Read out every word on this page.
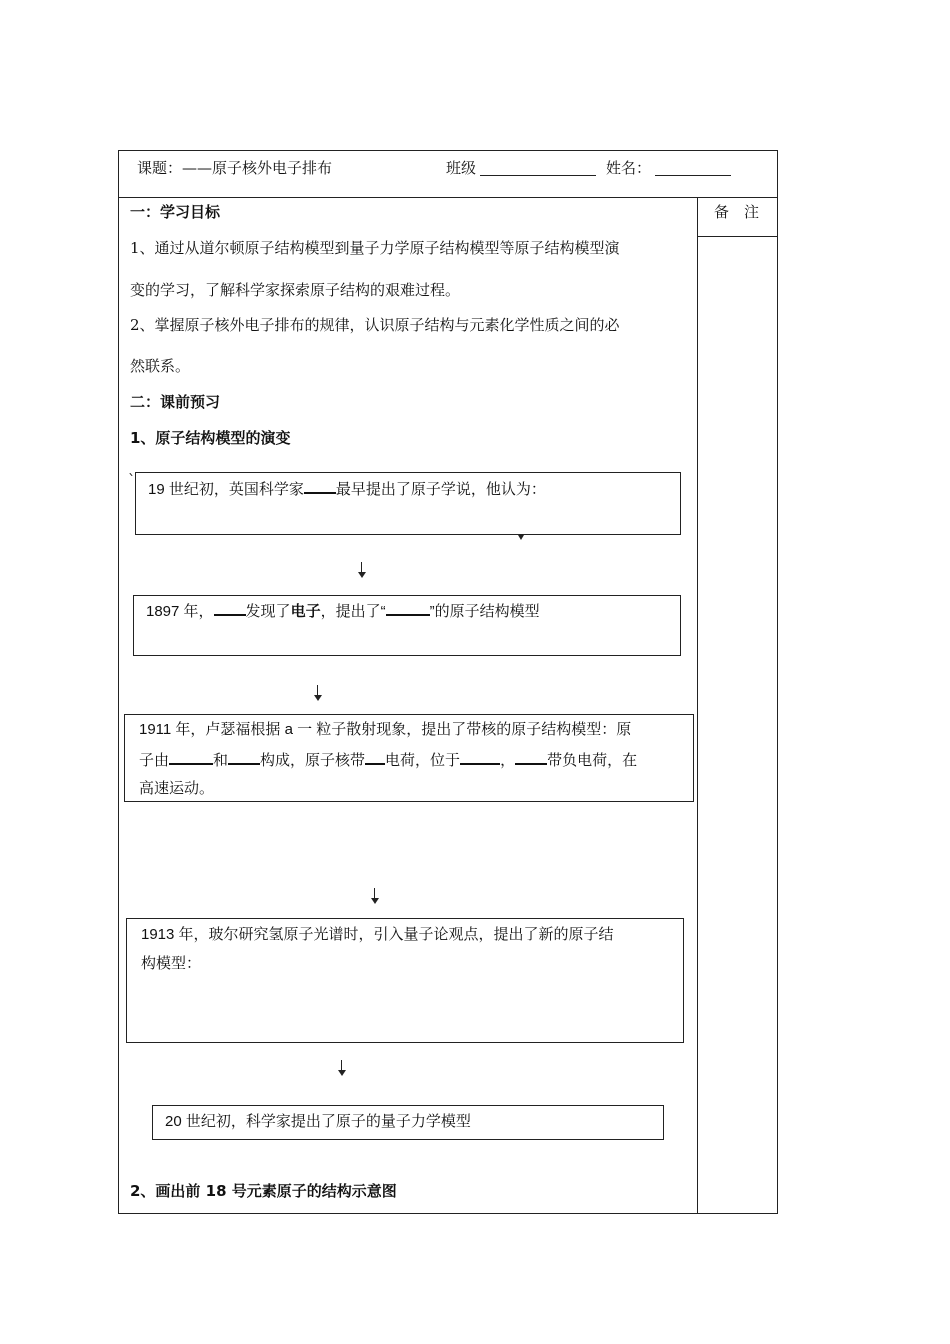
课题： ——原子核外电子排布	班级	姓名：
备　注
一：学习目标
1、通过从道尔顿原子结构模型到量子力学原子结构模型等原子结构模型演
变的学习，了解科学家探索原子结构的艰难过程。
2、掌握原子核外电子排布的规律，认识原子结构与元素化学性质之间的必
然联系。
二：课前预习
1、原子结构模型的演变
`
19 世纪初，英国科学家 最早提出了原子学说，他认为：
1897 年， 发现了电子，提出了“	”的原子结构模型
1911 年，卢瑟福根据 a 一 粒子散射现象，提出了带核的原子结构模型：原
子由	和 构成，原子核带 电荷，位于	， 带负电荷，在
高速运动。
1913 年，玻尔研究氢原子光谱时，引入量子论观点，提出了新的原子结
构模型：
20 世纪初，科学家提出了原子的量子力学模型
2、画出前 18 号元素原子的结构示意图
